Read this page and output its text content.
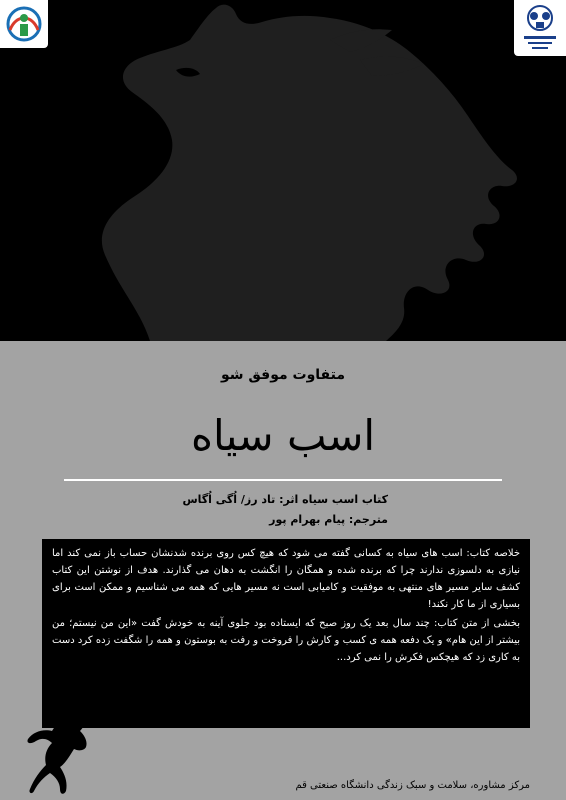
متفاوت موفق شو
اسب سیاه
کتاب اسب سیاه اثر: تاد رز/ اُگی اُگاس
مترجم: پیام بهرام پور

خلاصه کتاب: اسب های سیاه به کسانی گفته می شود که هیچ کس روی برنده شدنشان حساب باز نمی کند اما نیازی به دلسوزی ندارند چرا که برنده شده و همگان را انگشت به دهان می گذارند. هدف از نوشتن این کتاب کشف سایر مسیر های منتهی به موفقیت و کامیابی است نه مسیر هایی که همه می شناسیم و ممکن است برای بسیاری از ما کار نکند!

بخشی از متن کتاب: چند سال بعد یک روز صبح که ایستاده بود جلوی آینه به خودش گفت «این من نیستم؛ من بیشتر از این هام» و یک دفعه همه ی کسب و کارش را فروخت و رفت به بوستون و همه را شگفت زده کرد دست به کاری زد که هیچکس فکرش را نمی کرد...

مرکز مشاوره، سلامت و سبک زندگی دانشگاه صنعتی قم
